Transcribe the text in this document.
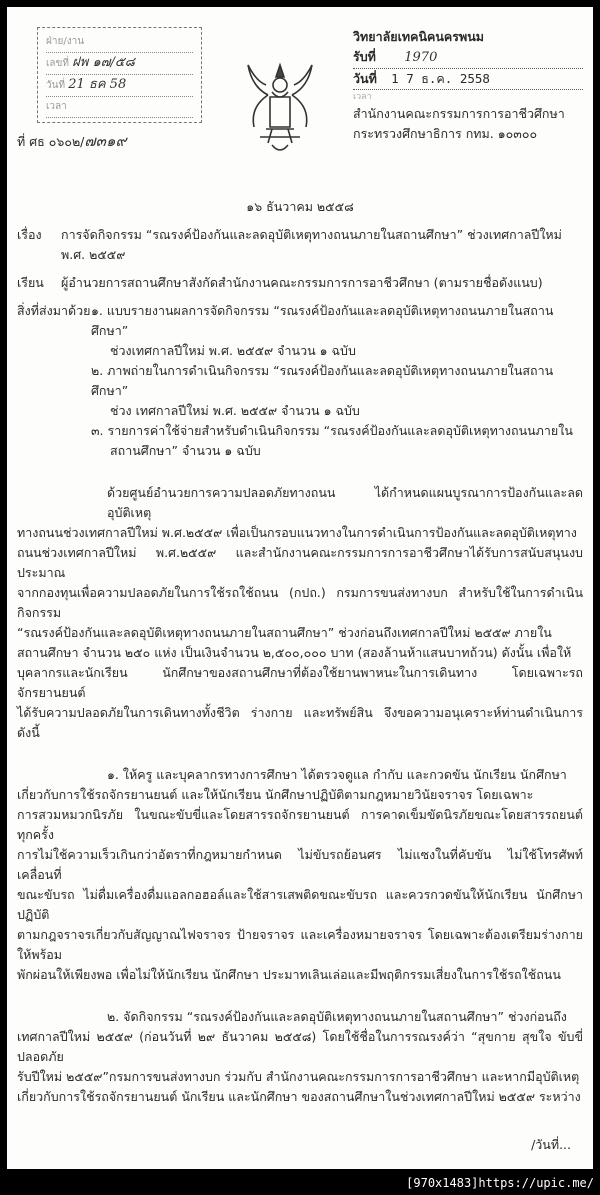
ฝ่าย/งาน
เลขที่ ฝพ ๑๗/๕๘
วันที่ 21 ธค 58
เวลา
ที่ ศธ ๐๖๐๒/๗๓๑๙
วิทยาลัยเทคนิคนครพนม
รับที่ 1970
วันที่ 1 7 ธ.ค. 2558
เวลา
สำนักงานคณะกรรมการการอาชีวศึกษา
กระทรวงศึกษาธิการ กทม. ๑๐๓๐๐
๑๖ ธันวาคม ๒๕๕๘
เรื่อง	การจัดกิจกรรม “รณรงค์ป้องกันและลดอุบัติเหตุทางถนนภายในสถานศึกษา” ช่วงเทศกาลปีใหม่ พ.ศ. ๒๕๕๙
เรียน	ผู้อำนวยการสถานศึกษาสังกัดสำนักงานคณะกรรมการการอาชีวศึกษา (ตามรายชื่อดังแนบ)
สิ่งที่ส่งมาด้วย ๑. แบบรายงานผลการจัดกิจกรรม “รณรงค์ป้องกันและลดอุบัติเหตุทางถนนภายในสถานศึกษา”
ช่วงเทศกาลปีใหม่ พ.ศ. ๒๕๕๙ จำนวน ๑ ฉบับ
๒. ภาพถ่ายในการดำเนินกิจกรรม “รณรงค์ป้องกันและลดอุบัติเหตุทางถนนภายในสถานศึกษา”
ช่วง เทศกาลปีใหม่ พ.ศ. ๒๕๕๙ จำนวน ๑ ฉบับ
๓. รายการค่าใช้จ่ายสำหรับดำเนินกิจกรรม “รณรงค์ป้องกันและลดอุบัติเหตุทางถนนภายใน
สถานศึกษา” จำนวน ๑ ฉบับ
ด้วยศูนย์อำนวยการความปลอดภัยทางถนน ได้กำหนดแผนบูรณาการป้องกันและลดอุบัติเหตุ
ทางถนนช่วงเทศกาลปีใหม่ พ.ศ.๒๕๕๙ เพื่อเป็นกรอบแนวทางในการดำเนินการป้องกันและลดอุบัติเหตุทาง
ถนนช่วงเทศกาลปีใหม่ พ.ศ.๒๕๕๙ และสำนักงานคณะกรรมการการอาชีวศึกษาได้รับการสนับสนุนงบประมาณ
จากกองทุนเพื่อความปลอดภัยในการใช้รถใช้ถนน (กปถ.) กรมการขนส่งทางบก สำหรับใช้ในการดำเนินกิจกรรม
“รณรงค์ป้องกันและลดอุบัติเหตุทางถนนภายในสถานศึกษา” ช่วงก่อนถึงเทศกาลปีใหม่ ๒๕๕๙ ภายใน
สถานศึกษา จำนวน ๒๕๐ แห่ง เป็นเงินจำนวน ๒,๕๐๐,๐๐๐ บาท (สองล้านห้าแสนบาทถ้วน) ดังนั้น เพื่อให้
บุคลากรและนักเรียน นักศึกษาของสถานศึกษาที่ต้องใช้ยานพาหนะในการเดินทาง โดยเฉพาะรถจักรยานยนต์
ได้รับความปลอดภัยในการเดินทางทั้งชีวิต ร่างกาย และทรัพย์สิน จึงขอความอนุเคราะห์ท่านดำเนินการดังนี้
๑. ให้ครู และบุคลากรทางการศึกษา ได้ตรวจดูแล กำกับ และกวดขัน นักเรียน นักศึกษา
เกี่ยวกับการใช้รถจักรยานยนต์ และให้นักเรียน นักศึกษาปฏิบัติตามกฎหมายวินัยจราจร โดยเฉพาะ
การสวมหมวกนิรภัย ในขณะขับขี่และโดยสารรถจักรยานยนต์ การคาดเข็มขัดนิรภัยขณะโดยสารรถยนต์ทุกครั้ง
การไม่ใช้ความเร็วเกินกว่าอัตราที่กฎหมายกำหนด ไม่ขับรถย้อนศร ไม่แซงในที่คับขัน ไม่ใช้โทรศัพท์เคลื่อนที่
ขณะขับรถ ไม่ดื่มเครื่องดื่มแอลกอฮอล์และใช้สารเสพติดขณะขับรถ และควรกวดขันให้นักเรียน นักศึกษาปฏิบัติ
ตามกฎจราจรเกี่ยวกับสัญญาณไฟจราจร ป้ายจราจร และเครื่องหมายจราจร โดยเฉพาะต้องเตรียมร่างกายให้พร้อม
พักผ่อนให้เพียงพอ เพื่อไม่ให้นักเรียน นักศึกษา ประมาทเลินเล่อและมีพฤติกรรมเสี่ยงในการใช้รถใช้ถนน
๒. จัดกิจกรรม “รณรงค์ป้องกันและลดอุบัติเหตุทางถนนภายในสถานศึกษา” ช่วงก่อนถึง
เทศกาลปีใหม่ ๒๕๕๙ (ก่อนวันที่ ๒๙ ธันวาคม ๒๕๕๘) โดยใช้ชื่อในการรณรงค์ว่า “สุขกาย สุขใจ ขับขี่ปลอดภัย
รับปีใหม่ ๒๕๕๙”กรมการขนส่งทางบก ร่วมกับ สำนักงานคณะกรรมการการอาชีวศึกษา และหากมีอุบัติเหตุ
เกี่ยวกับการใช้รถจักรยานยนต์ นักเรียน และนักศึกษา ของสถานศึกษาในช่วงเทศกาลปีใหม่ ๒๕๕๙ ระหว่าง
/วันที่...
[970x1483]https://upic.me/
